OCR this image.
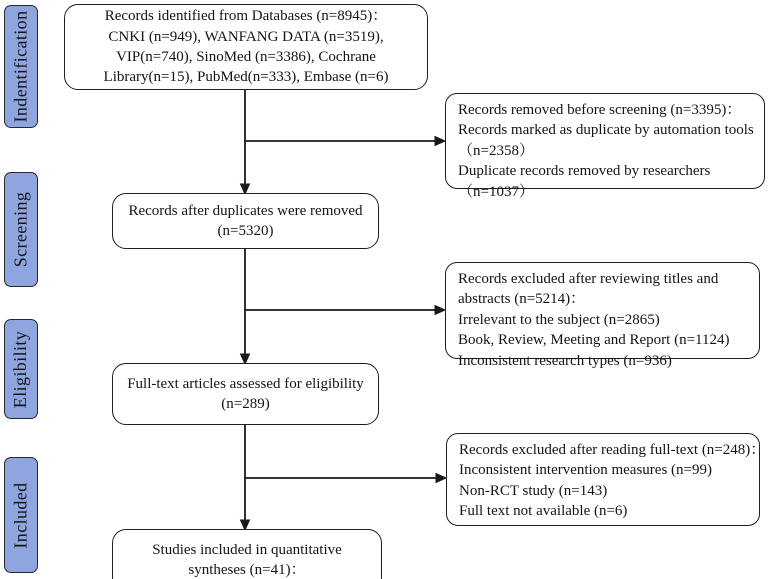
Indentification
Screening
Eligibility
Included
Records identified from Databases (n=8945)：
CNKI (n=949), WANFANG DATA (n=3519),
VIP(n=740), SinoMed (n=3386), Cochrane
Library(n=15), PubMed(n=333), Embase (n=6)
Records removed before screening (n=3395)：
Records marked as duplicate by automation tools
（n=2358）
Duplicate records removed by researchers
（n=1037）
Records after duplicates were removed
(n=5320)
Records excluded after reviewing titles and
abstracts (n=5214)：
Irrelevant to the subject (n=2865)
Book, Review, Meeting and Report (n=1124)
Inconsistent research types (n=936)
Full-text articles assessed for eligibility
(n=289)
Records excluded after reading full-text (n=248)：
Inconsistent intervention measures (n=99)
Non-RCT study (n=143)
Full text not available (n=6)
Studies included in quantitative
syntheses (n=41)：
